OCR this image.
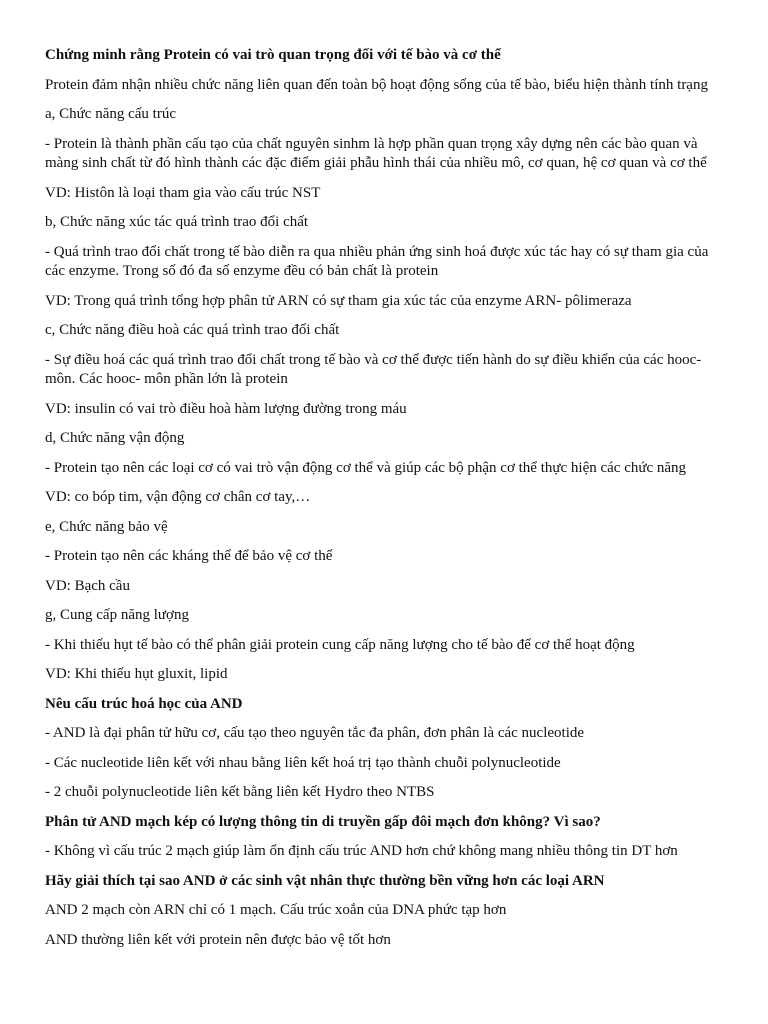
Chứng minh rằng Protein có vai trò quan trọng đối với tế bào và cơ thể

Protein đảm nhận nhiều chức năng liên quan đến toàn bộ hoạt động sống của tế bào, biểu hiện thành tính trạng

a, Chức năng cấu trúc

- Protein là thành phần cấu tạo của chất nguyên sinhm là hợp phần quan trọng xây dựng nên các bào quan và màng sinh chất từ đó hình thành các đặc điểm giải phẫu hình thái của nhiều mô, cơ quan, hệ cơ quan và cơ thể

VD: Histôn là loại tham gia vào cấu trúc NST

b, Chức năng xúc tác quá trình trao đổi chất

- Quá trình trao đổi chất trong tế bào diễn ra qua nhiều phản ứng sinh hoá được xúc tác hay có sự tham gia của các enzyme. Trong số đó đa số enzyme đều có bản chất là protein

VD: Trong quá trình tổng hợp phân tử ARN có sự tham gia xúc tác của enzyme ARN- pôlimeraza

c, Chức năng điều hoà các quá trình trao đổi chất

- Sự điều hoá các quá trình trao đổi chất trong tế bào và cơ thể được tiến hành do sự điều khiển của các hooc-môn. Các hooc- môn phần lớn là protein

VD: insulin có vai trò điều hoà hàm lượng đường trong máu

d, Chức năng vận động

- Protein tạo nên các loại cơ có vai trò vận động cơ thể và giúp các bộ phận cơ thể thực hiện các chức năng

VD: co bóp tim, vận động cơ chân cơ tay,…

e, Chức năng bảo vệ

- Protein tạo nên các kháng thể để bảo vệ cơ thể

VD: Bạch cầu

g, Cung cấp năng lượng

- Khi thiếu hụt tế bào có thể phân giải protein cung cấp năng lượng cho tế bào để cơ thể hoạt động

VD: Khi thiếu hụt gluxit, lipid

Nêu cấu trúc hoá học của AND

- AND là đại phân tử hữu cơ, cấu tạo theo nguyên tắc đa phân, đơn phân là các nucleotide

- Các nucleotide liên kết với nhau bằng liên kết hoá trị tạo thành chuỗi polynucleotide

- 2 chuỗi polynucleotide liên kết bằng liên kết Hydro theo NTBS

Phân tử AND mạch kép có lượng thông tin di truyền gấp đôi mạch đơn không? Vì sao?

- Không vì cấu trúc 2 mạch giúp làm ổn định cấu trúc AND hơn chứ không mang nhiều thông tin DT hơn

Hãy giải thích tại sao AND ở các sinh vật nhân thực thường bền vững hơn các loại ARN

AND 2 mạch còn ARN chỉ có 1 mạch. Cấu trúc xoắn của DNA phức tạp hơn

AND thường liên kết với protein nên được bảo vệ tốt hơn
